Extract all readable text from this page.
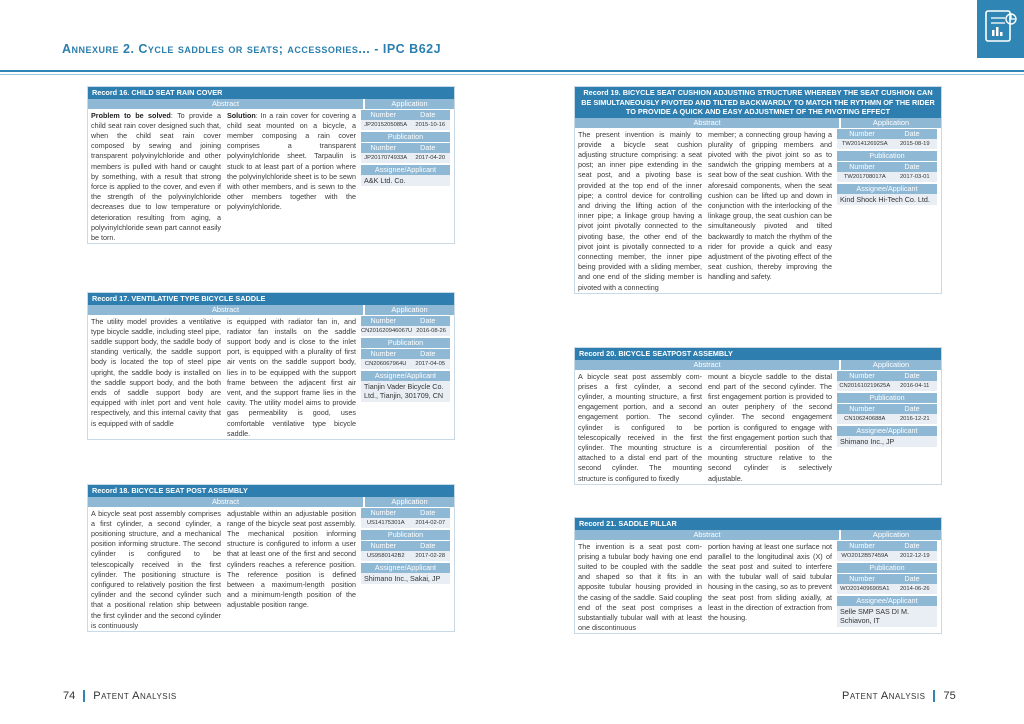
Annexure 2. Cycle saddles or seats; accessories... - IPC B62J
Record 16. CHILD SEAT RAIN COVER
Abstract	Application
Problem to be solved: To provide a child seat rain cover designed such that, when the child seat rain cover composed by sewing and joining transparent polyvinylchloride and other members is pulled with hand or caught by something, with a result that strong force is applied to the cover, and even if the strength of the polyvinylchloride decreases due to low temperature or deterioration resulting from aging, a polyvinylchloride sewn part cannot easily be torn.
Solution: In a rain cover for covering a child seat mounted on a bicycle, a member composing a rain cover comprises a transparent polyvinylchloride sheet. Tarpaulin is stuck to at least part of a portion where the polyvinylchloride sheet is to be sewn with other members, and is sewn to the other members together with the polyvinylchloride.
Number	Date
JP2015205085A	2015-10-16
Publication
Number	Date
JP2017074933A	2017-04-20
Assignee/Applicant
A&K Ltd. Co.
Record 17. VENTILATIVE TYPE BICYCLE SADDLE
Abstract	Application
The utility model provides a ventilative type bicycle saddle, including steel pipe, saddle support body, the saddle body of standing vertically, the saddle support body is located the top of steel pipe upright, the saddle body is installed on the saddle support body, and the both ends of saddle support body are equipped with inlet port and vent hole respectively, and this internal cavity that is equipped with of saddle
is equipped with radiator fan in, and radiator fan installs on the saddle support body and is close to the inlet port, is equipped with a plurality of first air vents on the saddle support body, lies in to be equipped with the support frame between the adjacent first air vent, and the support frame lies in the cavity. The utility model aims to provide gas permeability is good, uses comfortable ventilative type bicycle saddle.
Number	Date
CN201620946067U 2016-08-26
Publication
Number	Date
CN206067964U	2017-04-05
Assignee/Applicant
Tianjin Vader Bicycle Co. Ltd., Tianjin, 301709, CN
Record 18. BICYCLE SEAT POST ASSEMBLY
Abstract	Application
A bicycle seat post assembly comprises a first cylinder, a second cylinder, a positioning structure, and a mechanical position informing structure. The second cylinder is configured to be telescopically received in the first cylinder. The positioning structure is configured to relatively position the first cylinder and the second cylinder such that a positional relation ship between the first cylinder and the second cylinder is continuously
adjustable within an adjustable position range of the bicycle seat post assembly. The mechanical position informing structure is configured to inform a user that at least one of the first and second cylinders reaches a reference position. The reference position is defined between a maximum-length position and a minimum-length position of the adjustable position range.
Number	Date
US14175301A	2014-02-07
Publication
Number	Date
US9580142B2	2017-02-28
Assignee/Applicant
Shimano Inc., Sakai, JP
Record 19. BICYCLE SEAT CUSHION ADJUSTING STRUCTURE WHEREBY THE SEAT CUSHION CAN BE SIMULTANEOUSLY PIVOTED AND TILTED BACKWARDLY TO MATCH THE RYTHMN OF THE RIDER TO PROVIDE A QUICK AND EASY ADJUSTMNET OF THE PIVOTING EFFECT
Abstract	Application
The present invention is mainly to provide a bicycle seat cushion adjusting structure comprising: a seat post; an inner pipe extending in the seat post, and a pivoting base is provided at the top end of the inner pipe; a control device for controlling and driving the lifting action of the inner pipe; a linkage group having a pivot joint pivotally connected to the pivoting base, the other end of the pivot joint is pivotally connected to a connecting member, the inner pipe being provided with a sliding member, and one end of the sliding member is pivoted with a connecting
member; a connecting group having a plurality of gripping members and pivoted with the pivot joint so as to sandwich the gripping members at a seat bow of the seat cushion. With the aforesaid components, when the seat cushion can be lifted up and down in conjunction with the interlocking of the linkage group, the seat cushion can be simultaneously pivoted and tilted backwardly to match the rhythm of the rider for provide a quick and easy adjustment of the pivoting effect of the seat cushion, thereby improving the handling and safety.
Number	Date
TW201412692SA	2015-08-19
Publication
Number	Date
TW201708017A	2017-03-01
Assignee/Applicant
Kind Shock Hi-Tech Co. Ltd.
Record 20. BICYCLE SEATPOST ASSEMBLY
Abstract	Application
A bicycle seat post assembly comprises a first cylinder, a second cylinder, a mounting structure, a first engagement portion, and a second engagement portion. The second cylinder is configured to be telescopically received in the first cylinder. The mounting structure is attached to a distal end part of the second cylinder. The mounting structure is configured to fixedly
mount a bicycle saddle to the distal end part of the second cylinder. The first engagement portion is provided to an outer periphery of the second cylinder. The second engagement portion is configured to engage with the first engagement portion such that a circumferential position of the mounting structure relative to the second cylinder is selectively adjustable.
Number	Date
CN201610219625A	2016-04-11
Publication
Number	Date
CN106240688A	2016-12-21
Assignee/Applicant
Shimano Inc., JP
Record 21. SADDLE PILLAR
Abstract	Application
The invention is a seat post comprising a tubular body having one end suited to be coupled with the saddle and shaped so that it fits in an apposite tubular housing provided in the casing of the saddle. Said coupling end of the seat post comprises a substantially tubular wall with at least one discontinuous
portion having at least one surface not parallel to the longitudinal axis (X) of the seat post and suited to interfere with the tubular wall of said tubular housing in the casing, so as to prevent the seat post from sliding axially, at least in the direction of extraction from the housing.
Number	Date
WO2012B57459A	2012-12-19
Publication
Number	Date
WO2014096905A1	2014-06-26
Assignee/Applicant
Selle SMP SAS DI M. Schiavon, IT
74 Patent Analysis	Patent Analysis 75
